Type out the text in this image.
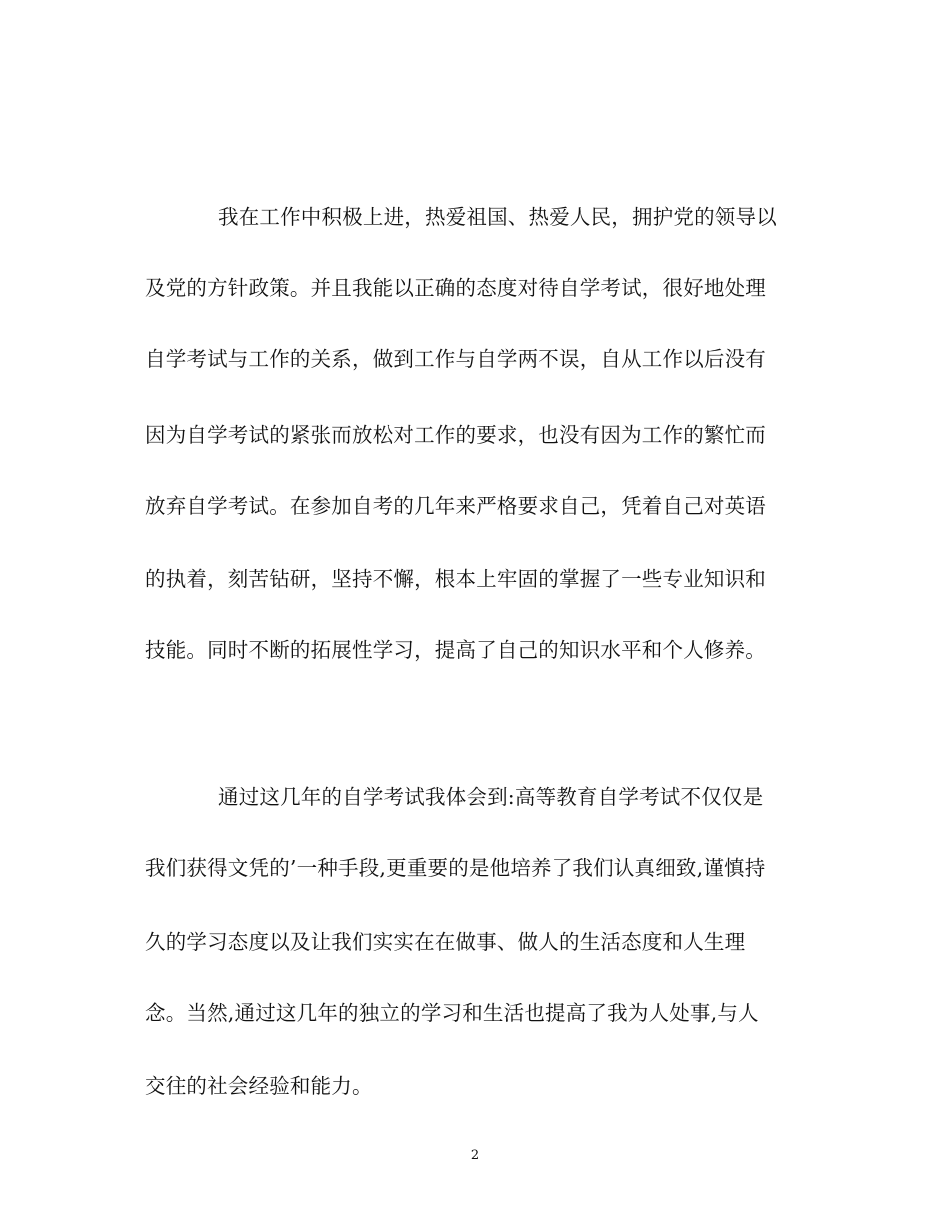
我在工作中积极上进，热爱祖国、热爱人民，拥护党的领导以

及党的方针政策。并且我能以正确的态度对待自学考试，很好地处理

自学考试与工作的关系，做到工作与自学两不误，自从工作以后没有

因为自学考试的紧张而放松对工作的要求，也没有因为工作的繁忙而

放弃自学考试。在参加自考的几年来严格要求自己，凭着自己对英语

的执着，刻苦钻研，坚持不懈，根本上牢固的掌握了一些专业知识和

技能。同时不断的拓展性学习，提高了自己的知识水平和个人修养。

通过这几年的自学考试我体会到:高等教育自学考试不仅仅是

我们获得文凭的’一种手段,更重要的是他培养了我们认真细致,谨慎持

久的学习态度以及让我们实实在在做事、做人的生活态度和人生理

念。当然,通过这几年的独立的学习和生活也提高了我为人处事,与人

交往的社会经验和能力。

2
